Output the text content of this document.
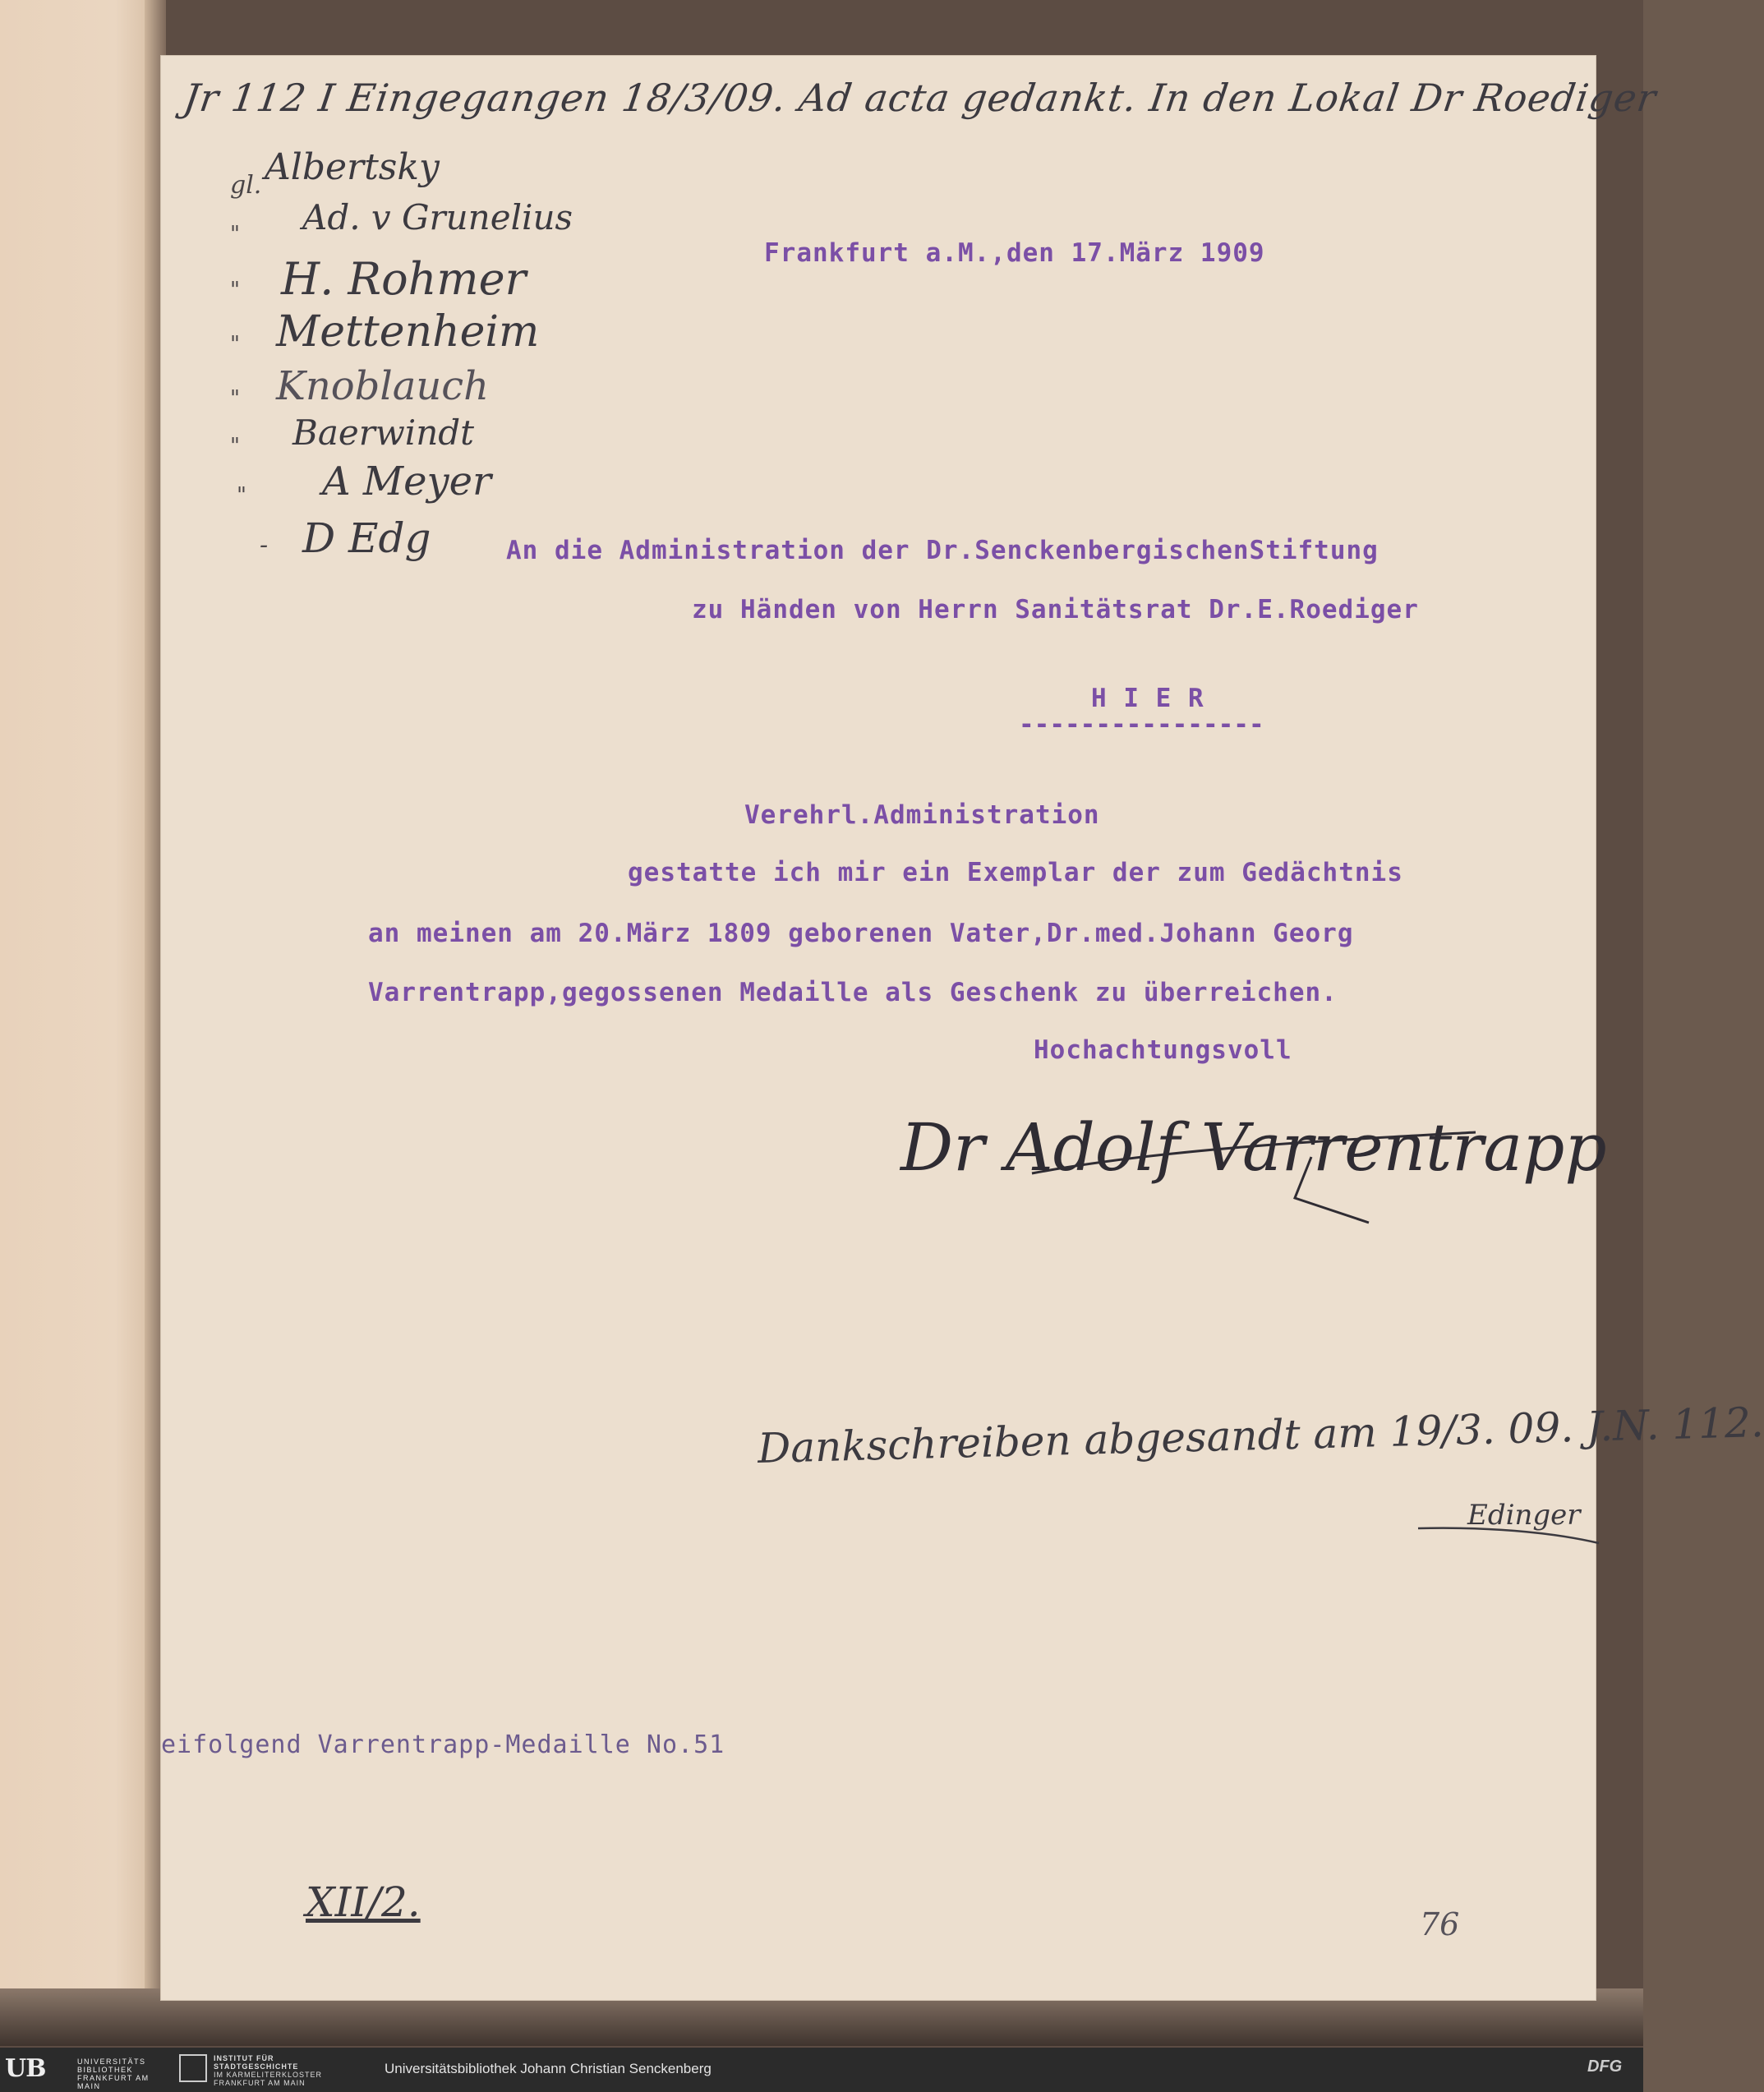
Jr 112 I Eingegangen 18/3/09. Ad acta gedankt. In den Lokal Dr Roediger
gl. Albertsky
" Ad. v Grunelius
" H. Rohmer
" Mettenheim
" Knoblauch
" Baerwindt
" A Meyer
- D Edg
Frankfurt a.M.,den 17.März 1909
An die Administration der Dr.SenckenbergischenStiftung
zu Händen von Herrn Sanitätsrat Dr.E.Roediger
H I E R
----------------
Verehrl.Administration
gestatte ich mir ein Exemplar der zum Gedächtnis
an meinen am 20.März 1809 geborenen Vater,Dr.med.Johann Georg
Varrentrapp,gegossenen Medaille als Geschenk zu überreichen.
Hochachtungsvoll
Dr Adolf Varrentrapp
Dankschreiben abgesandt am 19/3. 09. J.N. 112.
Edinger
eifolgend Varrentrapp-Medaille No.51
XII/2.	76
UB	UNIVERSITÄTS
BIBLIOTHEK
FRANKFURT AM MAIN
INSTITUT FÜR
STADTGESCHICHTE
IM KARMELITERKLOSTER
FRANKFURT AM MAIN
Universitätsbibliothek Johann Christian Senckenberg	DFG
